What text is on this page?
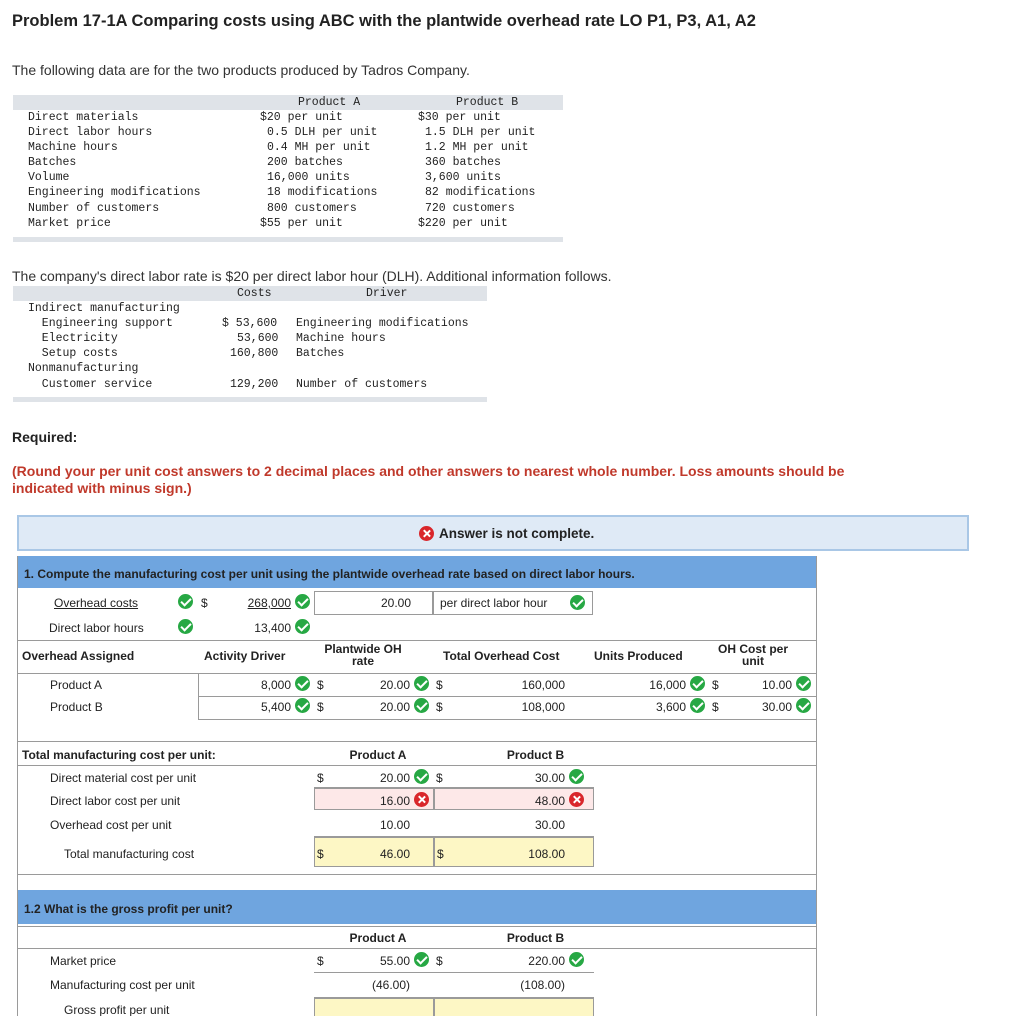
Problem 17-1A Comparing costs using ABC with the plantwide overhead rate LO P1, P3, A1, A2
The following data are for the two products produced by Tadros Company.
Product A	Product B
Direct materials	$20 per unit	$30 per unit
Direct labor hours	0.5 DLH per unit	1.5 DLH per unit
Machine hours	0.4 MH per unit	1.2 MH per unit
Batches	200 batches	360 batches
Volume	16,000 units	3,600 units
Engineering modifications	18 modifications	82 modifications
Number of customers	800 customers	720 customers
Market price	$55 per unit	$220 per unit
The company's direct labor rate is $20 per direct labor hour (DLH). Additional information follows.
Costs	Driver
Indirect manufacturing
Engineering support	$ 53,600 Engineering modifications
Electricity	53,600 Machine hours
Setup costs	160,800 Batches
Nonmanufacturing
Customer service	129,200 Number of customers
Required:
(Round your per unit cost answers to 2 decimal places and other answers to nearest whole number. Loss amounts should be indicated with minus sign.)
Answer is not complete.
1. Compute the manufacturing cost per unit using the plantwide overhead rate based on direct labor hours.
Overhead costs	$	268,000	20.00 per direct labor hour
Direct labor hours	13,400
Overhead Assigned	Activity Driver	Plantwide OH rate	Total Overhead Cost	Units Produced	OH Cost per unit
Product A	8,000 $	20.00 $	160,000	16,000 $	10.00
Product B	5,400 $	20.00 $	108,000	3,600 $	30.00
Total manufacturing cost per unit:	Product A	Product B
Direct material cost per unit	$	20.00 $	30.00
Direct labor cost per unit	16.00	48.00
Overhead cost per unit	10.00	30.00
Total manufacturing cost	$	46.00 $	108.00
1.2 What is the gross profit per unit?
Product A	Product B
Market price	$	55.00 $	220.00
Manufacturing cost per unit	(46.00)	(108.00)
Gross profit per unit
